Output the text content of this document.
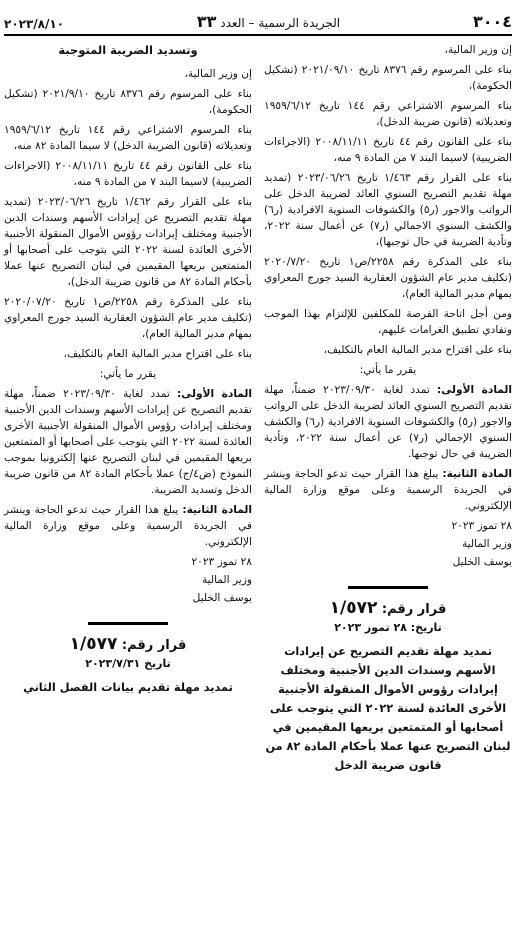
٣٠٠٤
الجريدة الرسمية – العدد ٣٣
٢٠٢٣/٨/١٠

إن وزير المالية،

بناء على المرسوم رقم ٨٣٧٦ تاريخ ٢٠٢١/٠٩/١٠ (تشكيل الحكومة)،

بناء المرسوم الاشتراعي رقم ١٤٤ تاريخ ١٩٥٩/٦/١٢ وتعديلاته (قانون ضريبة الدخل)،

بناء على القانون رقم ٤٤ تاريخ ٢٠٠٨/١١/١١ (الاجراءات الضريبية) لاسيما البند ٧ من المادة ٩ منه،

بناء على القرار رقم ١/٤٦٣ تاريخ ٢٠٢٣/٠٦/٢٦ (تمديد مهلة تقديم التصريح السنوي العائد لضريبة الدخل على الرواتب والاجور (ر٥) والكشوفات السنوية الافرادية (ر٦) والكشف السنوي الاجمالي (ر٧) عن أعمال سنة ٢٠٢٢، وتأدية الضريبة في حال توجبها)،

بناء على المذكرة رقم ٢٢٥٨/ص١ تاريخ ٢٠٢٠/٧/٢٠ (تكليف مدير عام الشؤون العقارية السيد جورج المعراوي بمهام مدير المالية العام)،

ومن أجل اتاحة الفرصة للمكلفين للإلتزام بهذا الموجب وتفادي تطبيق الغرامات عليهم،

بناء على اقتراح مدير المالية العام بالتكليف،

يقرر ما يأتي:

المادة الأولى: تمدد لغاية ٢٠٢٣/٠٩/٣٠ ضمناً، مهلة تقديم التصريح السنوي العائد لضريبة الدخل على الرواتب والاجور (ر٥) والكشوفات السنوية الافرادية (ر٦) والكشف السنوي الإجمالي (ر٧) عن أعمال سنة ٢٠٢٢، وتأدية الضريبة في حال توجبها.

المادة الثانية: يبلغ هذا القرار حيث تدعو الحاجة وينشر في الجريدة الرسمية وعلى موقع وزارة المالية الإلكتروني.

٢٨ تموز ٢٠٢٣

وزير المالية

يوسف الخليل

قرار رقم: ١/٥٧٢

تاريخ: ٢٨ تموز ٢٠٢٣

تمديد مهلة تقديم التصريح عن إيرادات الأسهم وسندات الدين الأجنبية ومختلف إيرادات رؤوس الأموال المنقولة الأجنبية الأخرى العائدة لسنة ٢٠٢٢ التي يتوجب على أصحابها أو المتمتعين بريعها المقيمين في لبنان التصريح عنها عملا بأحكام المادة ٨٢ من قانون ضريبة الدخل

وتسديد الضريبة المتوجبة

إن وزير المالية،

بناء على المرسوم رقم ٨٣٧٦ تاريخ ٢٠٢١/٩/١٠ (تشكيل الحكومة)،

بناء المرسوم الاشتراعي رقم ١٤٤ تاريخ ١٩٥٩/٦/١٢ وتعديلاته (قانون الضريبة الدخل) لا سيما المادة ٨٢ منه،

بناء على القانون رقم ٤٤ تاريخ ٢٠٠٨/١١/١١ (الاجراءات الضريبية) لاسيما البند ٧ من المادة ٩ منه،

بناء على القرار رقم ١/٤٦٢ تاريخ ٢٠٢٣/٠٦/٢٦ (تمديد مهلة تقديم التصريح عن إيرادات الأسهم وسندات الدين الأجنبية ومختلف إيرادات رؤوس الأموال المنقولة الأجنبية الأخرى العائدة لسنة ٢٠٢٢ التي يتوجب على أصحابها أو المتمتعين بريعها المقيمين في لبنان التصريح عنها عملا بأحكام المادة ٨٢ من قانون ضريبة الدخل)،

بناء على المذكرة رقم ٢٢٥٨/ص١ تاريخ ٢٠٢٠/٠٧/٢٠ (تكليف مدير عام الشؤون العقارية السيد جورج المعراوي بمهام مدير المالية العام)،

بناء على اقتراح مدير المالية العام بالتكليف،

يقرر ما يأتي:

المادة الأولى: تمدد لغاية ٢٠٢٣/٠٩/٣٠ ضمناً، مهلة تقديم التصريح عن إيرادات الأسهم وسندات الدين الأجنبية ومختلف إيرادات رؤوس الأموال المنقولة الأجنبية الأخرى العائدة لسنة ٢٠٢٢ التي يتوجب على أصحابها أو المتمتعين بريعها المقيمين في لبنان التصريح عنها إلكترونيا بموجب النموذج (ض٤/ج) عملا بأحكام المادة ٨٢ من قانون ضريبة الدخل وتسديد الضريبة.

المادة الثانية: يبلغ هذا القرار حيث تدعو الحاجة وينشر في الجريدة الرسمية وعلى موقع وزارة المالية الإلكتروني.

٢٨ تموز ٢٠٢٣

وزير المالية

يوسف الخليل

قرار رقم: ١/٥٧٧

تاريخ ٢٠٢٣/٧/٣١

تمديد مهلة تقديم بيانات الفصل الثاني
